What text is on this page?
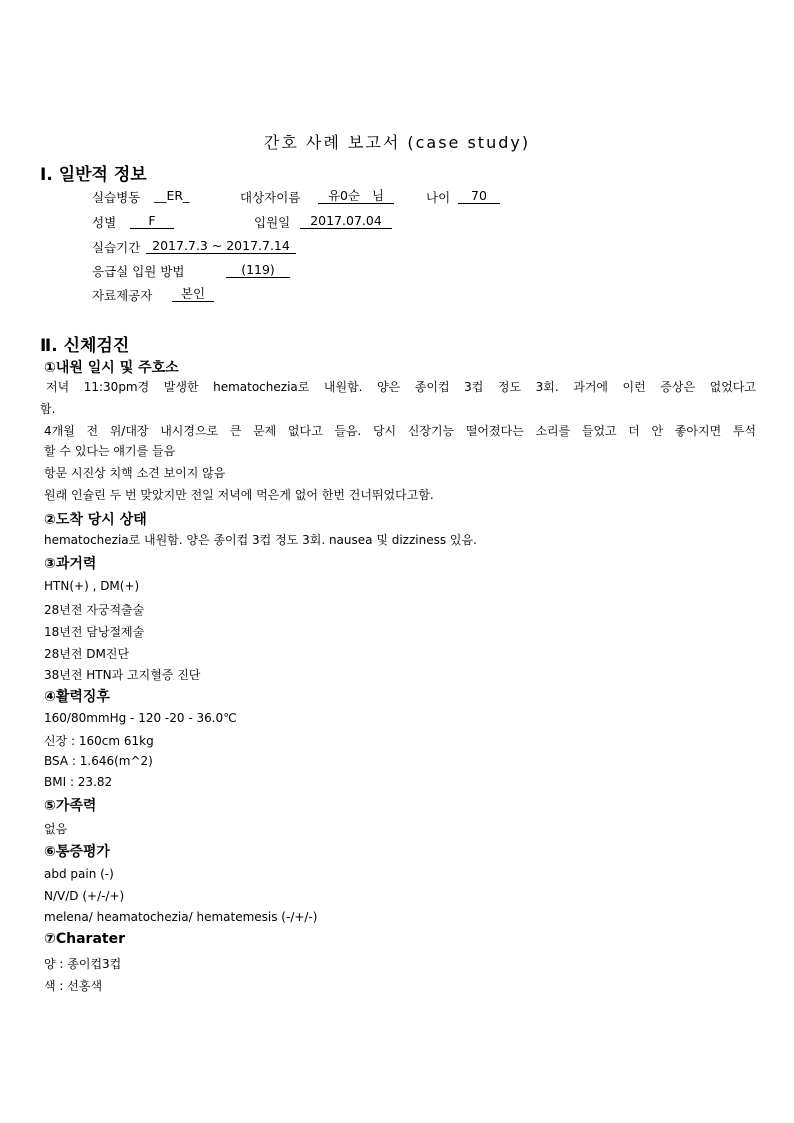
간호 사례 보고서 (case study)
Ⅰ. 일반적 정보
실습병동 __ER_	대상자이름	유0순 님	나이	70
성별	F	입원일	2017.07.04
실습기간 2017.7.3 ~ 2017.7.14
응급실 입원 방법	(119)
자료제공자	본인
Ⅱ. 신체검진
①내원 일시 및 주호소
저녁 11:30pm경 발생한 hematochezia로 내원함. 양은 종이컵 3컵 정도 3회. 과거에 이런 증상은 없었다고
함.
4개월 전 위/대장 내시경으로 큰 문제 없다고 들음. 당시 신장기능 떨어졌다는 소리를 들었고 더 안 좋아지면 투석
할 수 있다는 얘기를 들음
항문 시진상 치핵 소견 보이지 않음
원래 인슐린 두 번 맞았지만 전일 저녁에 먹은게 없어 한번 건너뛰었다고함.
②도착 당시 상태
hematochezia로 내원함. 양은 종이컵 3컵 정도 3회. nausea 및 dizziness 있음.
③과거력
HTN(+) , DM(+)
28년전 자궁적출술
18년전 담낭절제술
28년전 DM진단
38년전 HTN과 고지혈증 진단
④활력징후
160/80mmHg - 120 -20 - 36.0℃
신장 : 160cm 61kg
BSA : 1.646(m^2)
BMI : 23.82
⑤가족력
없음
⑥통증평가
abd pain (-)
N/V/D (+/-/+)
melena/ heamatochezia/ hematemesis (-/+/-)
⑦Charater
양 : 종이컵3컵
색 : 선홍색
